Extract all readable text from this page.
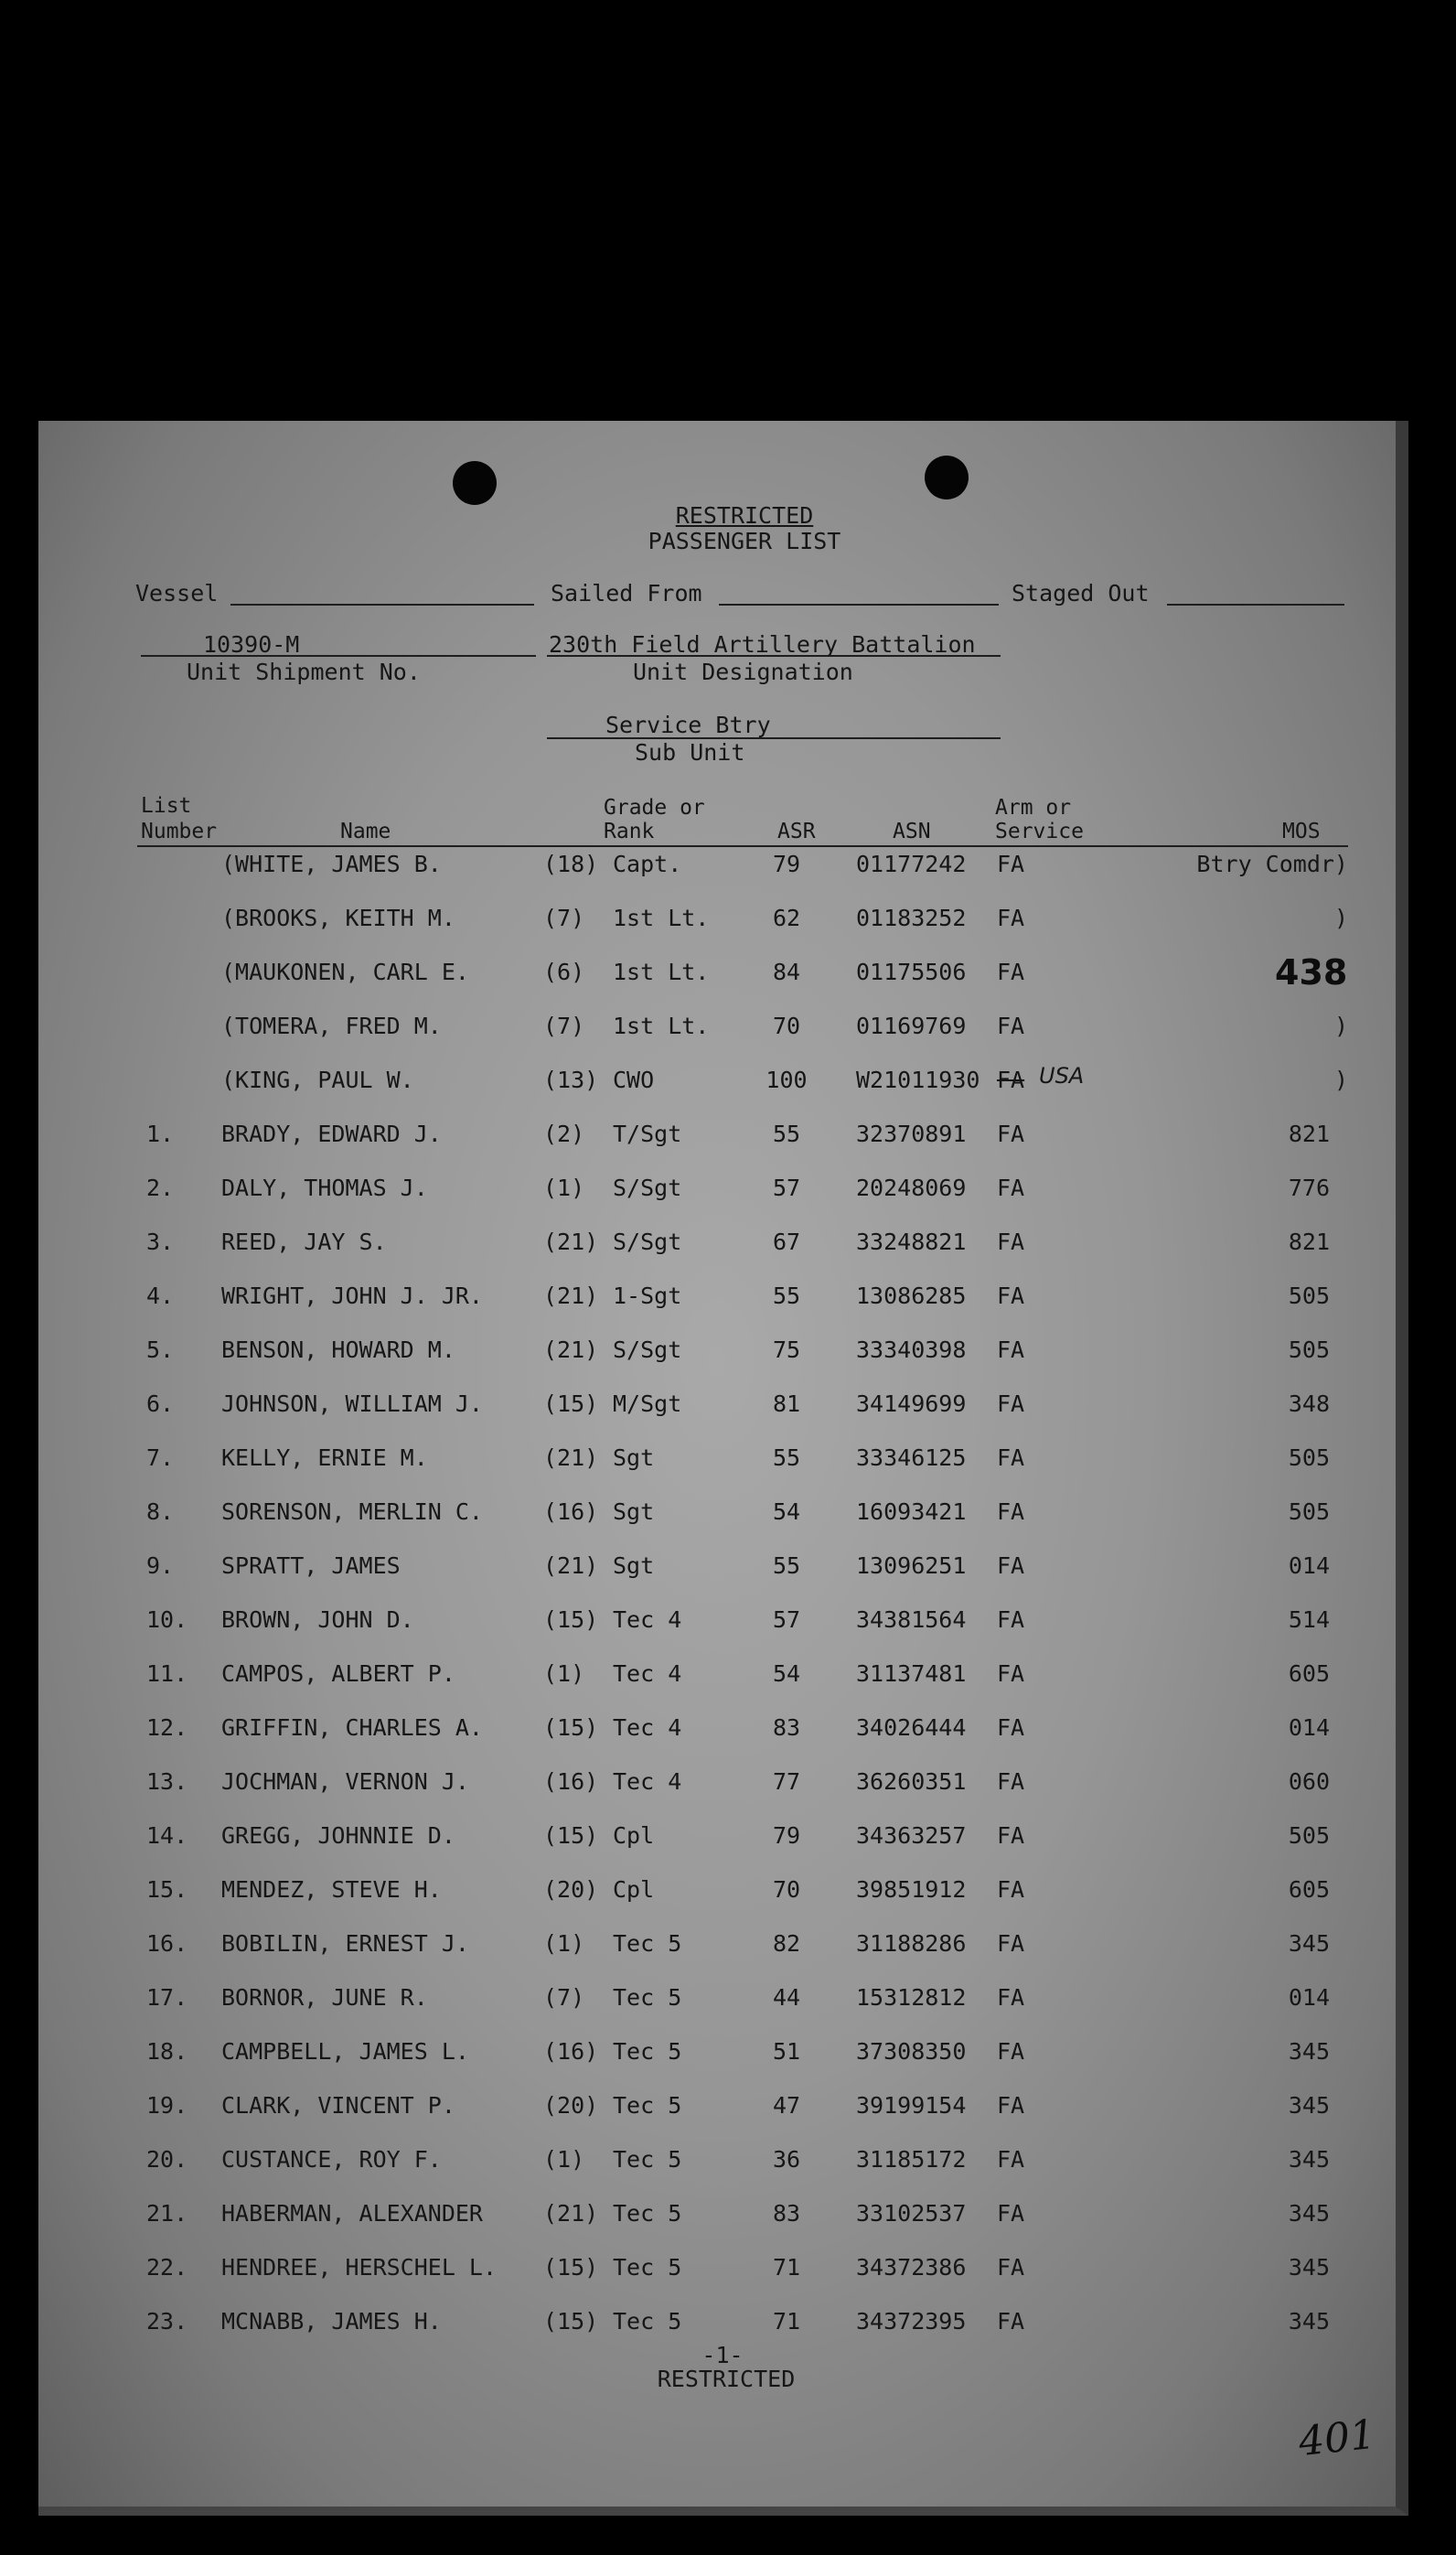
RESTRICTED
PASSENGER LIST
Vessel	Sailed From	Staged Out
10390-M
Unit Shipment No.
230th Field Artillery Battalion
Unit Designation
Service Btry
Sub Unit
List
Number	Name
Grade or
Rank	ASR	ASN
Arm or
Service	MOS
(WHITE, JAMES B.	(18) Capt.	79 01177242 FA	Btry Comdr)
(BROOKS, KEITH M.	(7) 1st Lt.	62 01183252 FA	)
(MAUKONEN, CARL E.	(6) 1st Lt.	84 01175506 FA	438
(TOMERA, FRED M.	(7) 1st Lt.	70 01169769 FA	)
(KING, PAUL W.	(13) CWO	100 W21011930 FA USA	)
1. BRADY, EDWARD J.	(2) T/Sgt	55 32370891 FA	821
2. DALY, THOMAS J.	(1) S/Sgt	57 20248069 FA	776
3. REED, JAY S.	(21) S/Sgt	67 33248821 FA	821
4. WRIGHT, JOHN J. JR.	(21) 1-Sgt	55 13086285 FA	505
5. BENSON, HOWARD M.	(21) S/Sgt	75 33340398 FA	505
6. JOHNSON, WILLIAM J.	(15) M/Sgt	81 34149699 FA	348
7. KELLY, ERNIE M.	(21) Sgt	55 33346125 FA	505
8. SORENSON, MERLIN C.	(16) Sgt	54 16093421 FA	505
9. SPRATT, JAMES	(21) Sgt	55 13096251 FA	014
10. BROWN, JOHN D.	(15) Tec 4	57 34381564 FA	514
11. CAMPOS, ALBERT P.	(1) Tec 4	54 31137481 FA	605
12. GRIFFIN, CHARLES A.	(15) Tec 4	83 34026444 FA	014
13. JOCHMAN, VERNON J.	(16) Tec 4	77 36260351 FA	060
14. GREGG, JOHNNIE D.	(15) Cpl	79 34363257 FA	505
15. MENDEZ, STEVE H.	(20) Cpl	70 39851912 FA	605
16. BOBILIN, ERNEST J.	(1) Tec 5	82 31188286 FA	345
17. BORNOR, JUNE R.	(7) Tec 5	44 15312812 FA	014
18. CAMPBELL, JAMES L.	(16) Tec 5	51 37308350 FA	345
19. CLARK, VINCENT P.	(20) Tec 5	47 39199154 FA	345
20. CUSTANCE, ROY F.	(1) Tec 5	36 31185172 FA	345
21. HABERMAN, ALEXANDER	(21) Tec 5	83 33102537 FA	345
22. HENDREE, HERSCHEL L. (15) Tec 5	71 34372386 FA	345
23. MCNABB, JAMES H.	(15) Tec 5	71 34372395 FA	345
-1-
RESTRICTED
401
